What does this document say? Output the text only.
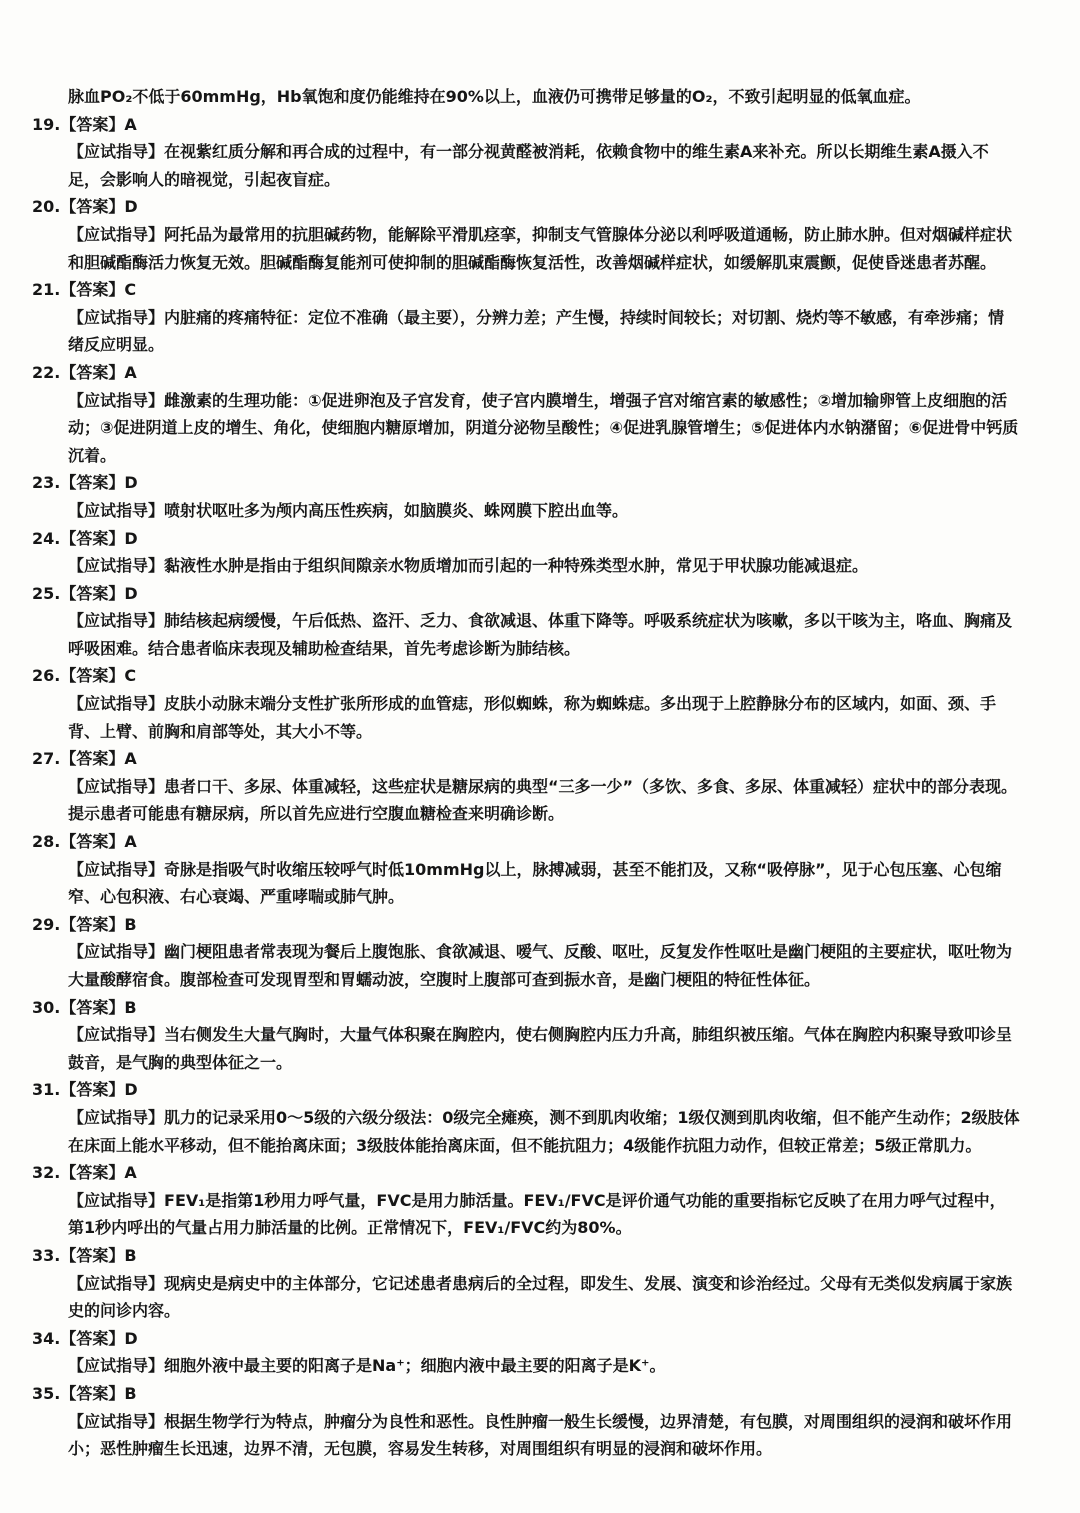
脉血PO₂不低于60mmHg，Hb氧饱和度仍能维持在90%以上，血液仍可携带足够量的O₂，不致引起明显的低氧血症。

19.【答案】A

【应试指导】在视紫红质分解和再合成的过程中，有一部分视黄醛被消耗，依赖食物中的维生素A来补充。所以长期维生素A摄入不足，会影响人的暗视觉，引起夜盲症。

20.【答案】D

【应试指导】阿托品为最常用的抗胆碱药物，能解除平滑肌痉挛，抑制支气管腺体分泌以利呼吸道通畅，防止肺水肿。但对烟碱样症状和胆碱酯酶活力恢复无效。胆碱酯酶复能剂可使抑制的胆碱酯酶恢复活性，改善烟碱样症状，如缓解肌束震颤，促使昏迷患者苏醒。

21.【答案】C

【应试指导】内脏痛的疼痛特征：定位不准确（最主要），分辨力差；产生慢，持续时间较长；对切割、烧灼等不敏感，有牵涉痛；情绪反应明显。

22.【答案】A

【应试指导】雌激素的生理功能：①促进卵泡及子宫发育，使子宫内膜增生，增强子宫对缩宫素的敏感性；②增加输卵管上皮细胞的活动；③促进阴道上皮的增生、角化，使细胞内糖原增加，阴道分泌物呈酸性；④促进乳腺管增生；⑤促进体内水钠潴留；⑥促进骨中钙质沉着。

23.【答案】D

【应试指导】喷射状呕吐多为颅内高压性疾病，如脑膜炎、蛛网膜下腔出血等。

24.【答案】D

【应试指导】黏液性水肿是指由于组织间隙亲水物质增加而引起的一种特殊类型水肿，常见于甲状腺功能减退症。

25.【答案】D

【应试指导】肺结核起病缓慢，午后低热、盗汗、乏力、食欲减退、体重下降等。呼吸系统症状为咳嗽，多以干咳为主，咯血、胸痛及呼吸困难。结合患者临床表现及辅助检查结果，首先考虑诊断为肺结核。

26.【答案】C

【应试指导】皮肤小动脉末端分支性扩张所形成的血管痣，形似蜘蛛，称为蜘蛛痣。多出现于上腔静脉分布的区域内，如面、颈、手背、上臂、前胸和肩部等处，其大小不等。

27.【答案】A

【应试指导】患者口干、多尿、体重减轻，这些症状是糖尿病的典型“三多一少”（多饮、多食、多尿、体重减轻）症状中的部分表现。提示患者可能患有糖尿病，所以首先应进行空腹血糖检查来明确诊断。

28.【答案】A

【应试指导】奇脉是指吸气时收缩压较呼气时低10mmHg以上，脉搏减弱，甚至不能扪及，又称“吸停脉”，见于心包压塞、心包缩窄、心包积液、右心衰竭、严重哮喘或肺气肿。

29.【答案】B

【应试指导】幽门梗阻患者常表现为餐后上腹饱胀、食欲减退、嗳气、反酸、呕吐，反复发作性呕吐是幽门梗阻的主要症状，呕吐物为大量酸酵宿食。腹部检查可发现胃型和胃蠕动波，空腹时上腹部可查到振水音，是幽门梗阻的特征性体征。

30.【答案】B

【应试指导】当右侧发生大量气胸时，大量气体积聚在胸腔内，使右侧胸腔内压力升高，肺组织被压缩。气体在胸腔内积聚导致叩诊呈鼓音，是气胸的典型体征之一。

31.【答案】D

【应试指导】肌力的记录采用0～5级的六级分级法：0级完全瘫痪，测不到肌肉收缩；1级仅测到肌肉收缩，但不能产生动作；2级肢体在床面上能水平移动，但不能抬离床面；3级肢体能抬离床面，但不能抗阻力；4级能作抗阻力动作，但较正常差；5级正常肌力。

32.【答案】A

【应试指导】FEV₁是指第1秒用力呼气量，FVC是用力肺活量。FEV₁/FVC是评价通气功能的重要指标它反映了在用力呼气过程中，第1秒内呼出的气量占用力肺活量的比例。正常情况下，FEV₁/FVC约为80%。

33.【答案】B

【应试指导】现病史是病史中的主体部分，它记述患者患病后的全过程，即发生、发展、演变和诊治经过。父母有无类似发病属于家族史的问诊内容。

34.【答案】D

【应试指导】细胞外液中最主要的阳离子是Na⁺；细胞内液中最主要的阳离子是K⁺。

35.【答案】B

【应试指导】根据生物学行为特点，肿瘤分为良性和恶性。良性肿瘤一般生长缓慢，边界清楚，有包膜，对周围组织的浸润和破坏作用小；恶性肿瘤生长迅速，边界不清，无包膜，容易发生转移，对周围组织有明显的浸润和破坏作用。
